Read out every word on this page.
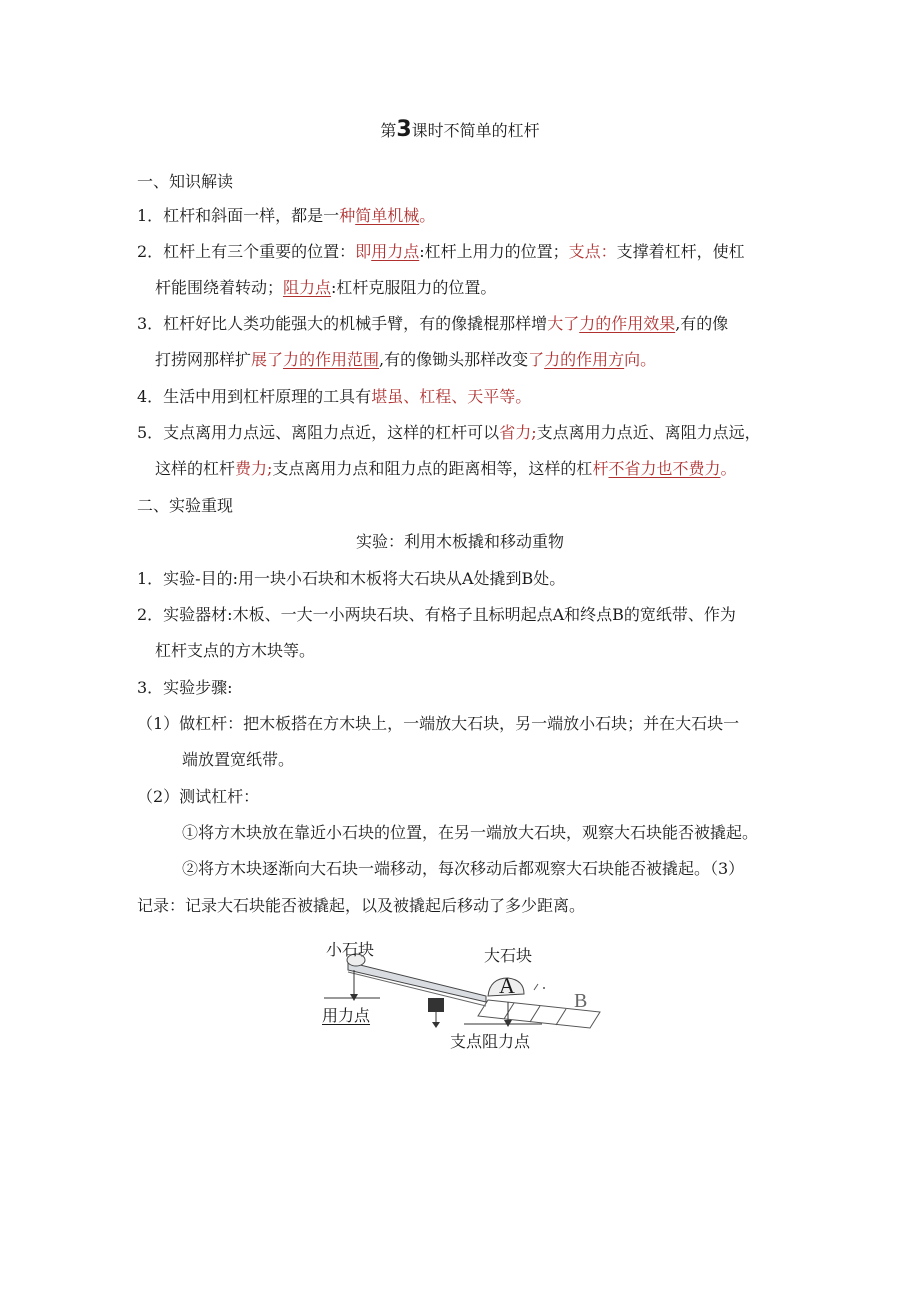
第3课时不简单的杠杆
一、知识解读
1．杠杆和斜面一样，都是一种简单机械。
2．杠杆上有三个重要的位置：即用力点:杠杆上用力的位置；支点：支撑着杠杆，使杠
杆能围绕着转动；阻力点:杠杆克服阻力的位置。
3．杠杆好比人类功能强大的机械手臂，有的像撬棍那样增大了力的作用效果,有的像
打捞网那样扩展了力的作用范围,有的像锄头那样改变了力的作用方向。
4．生活中用到杠杆原理的工具有堪虽、杠程、天平等。
5．支点离用力点远、离阻力点近，这样的杠杆可以省力;支点离用力点近、离阻力点远，
这样的杠杆费力;支点离用力点和阻力点的距离相等，这样的杠杆不省力也不费力。
二、实验重现
实验：利用木板撬和移动重物
1．实验-目的:用一块小石块和木板将大石块从A处撬到B处。
2．实验器材:木板、一大一小两块石块、有格子且标明起点A和终点B的宽纸带、作为
杠杆支点的方木块等。
3．实验步骤:
（1）做杠杆：把木板搭在方木块上，一端放大石块，另一端放小石块；并在大石块一
端放置宽纸带。
（2）测试杠杆：
①将方木块放在靠近小石块的位置，在另一端放大石块，观察大石块能否被撬起。
②将方木块逐渐向大石块一端移动，每次移动后都观察大石块能否被撬起。（3）
记录：记录大石块能否被撬起，以及被撬起后移动了多少距离。
小石块	大石块
A
B
用力点
支点阻力点
